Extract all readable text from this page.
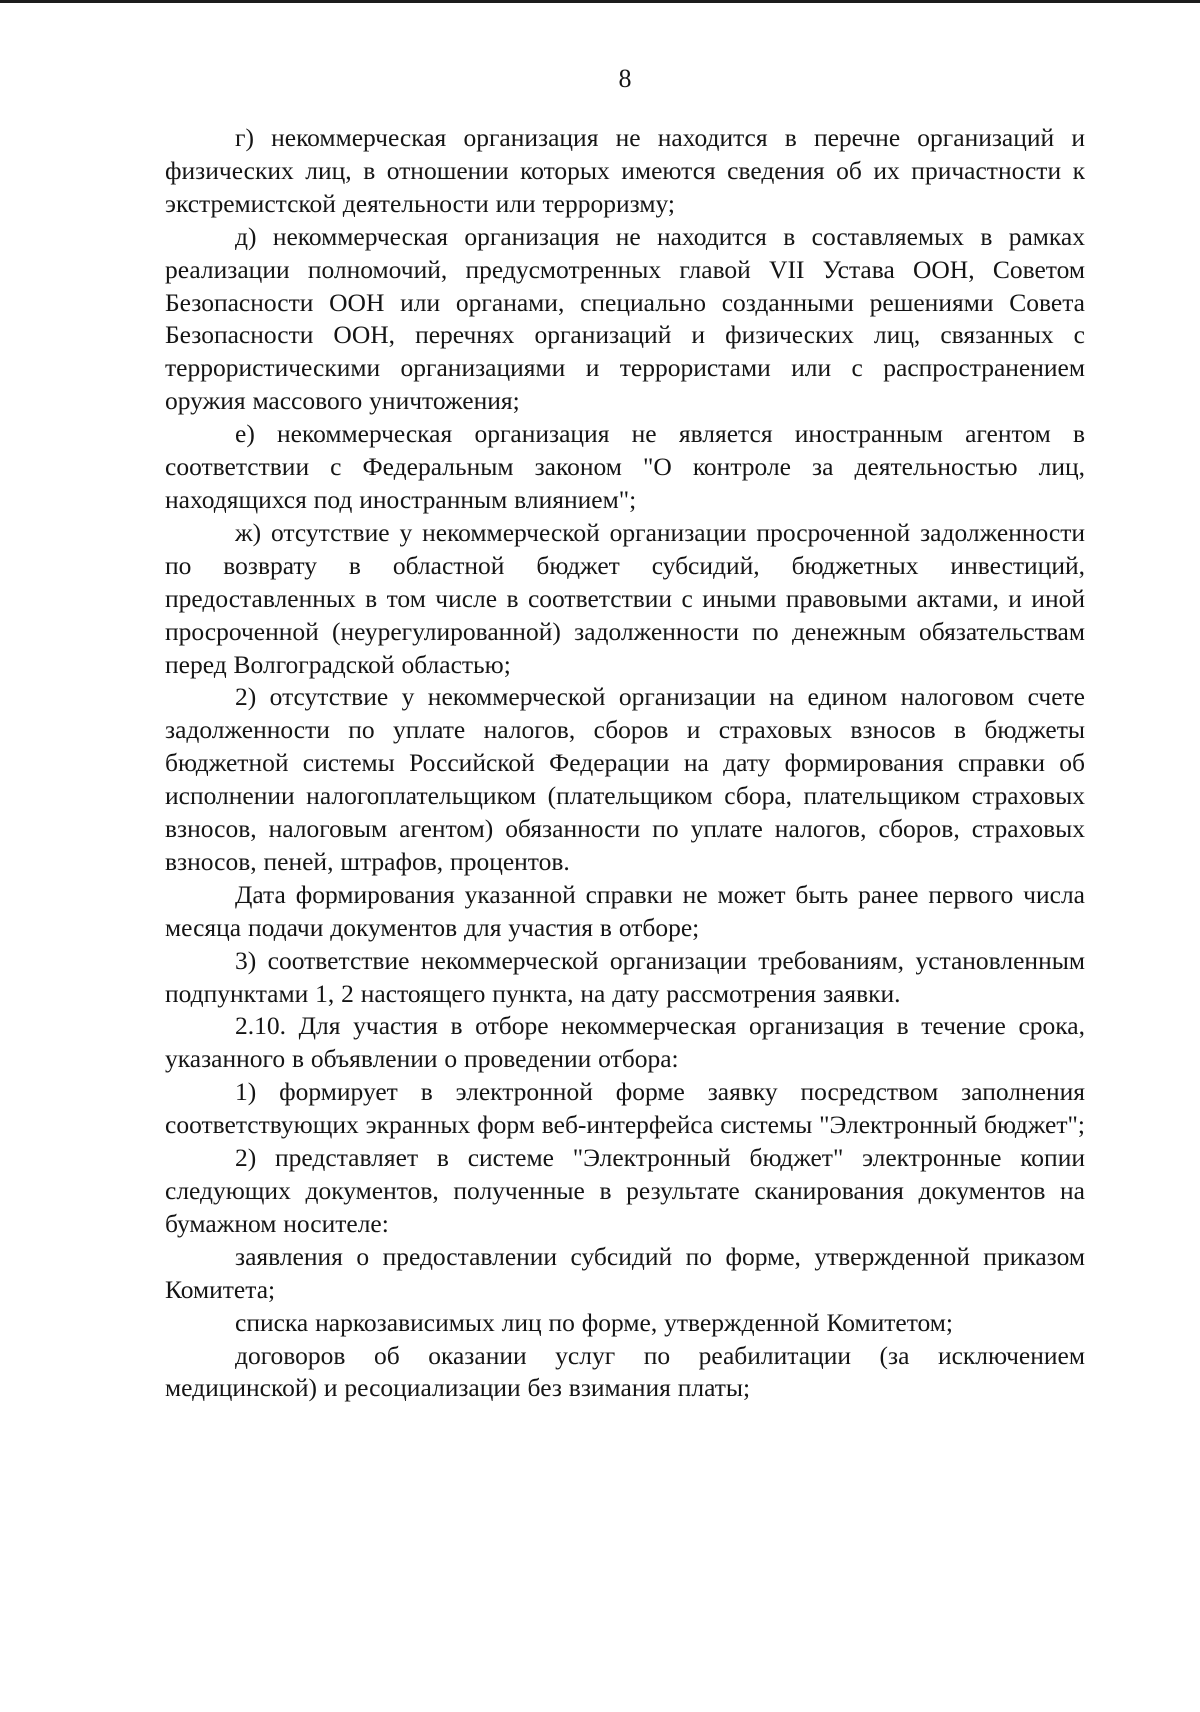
8

г) некоммерческая организация не находится в перечне организаций и физических лиц, в отношении которых имеются сведения об их причастности к экстремистской деятельности или терроризму;

д) некоммерческая организация не находится в составляемых в рамках реализации полномочий, предусмотренных главой VII Устава ООН, Советом Безопасности ООН или органами, специально созданными решениями Совета Безопасности ООН, перечнях организаций и физических лиц, связанных с террористическими организациями и террористами или с распространением оружия массового уничтожения;

е) некоммерческая организация не является иностранным агентом в соответствии с Федеральным законом "О контроле за деятельностью лиц, находящихся под иностранным влиянием";

ж) отсутствие у некоммерческой организации просроченной задолженности по возврату в областной бюджет субсидий, бюджетных инвестиций, предоставленных в том числе в соответствии с иными правовыми актами, и иной просроченной (неурегулированной) задолженности по денежным обязательствам перед Волгоградской областью;

2) отсутствие у некоммерческой организации на едином налоговом счете задолженности по уплате налогов, сборов и страховых взносов в бюджеты бюджетной системы Российской Федерации на дату формирования справки об исполнении налогоплательщиком (плательщиком сбора, плательщиком страховых взносов, налоговым агентом) обязанности по уплате налогов, сборов, страховых взносов, пеней, штрафов, процентов.

Дата формирования указанной справки не может быть ранее первого числа месяца подачи документов для участия в отборе;

3) соответствие некоммерческой организации требованиям, установленным подпунктами 1, 2 настоящего пункта, на дату рассмотрения заявки.

2.10. Для участия в отборе некоммерческая организация в течение срока, указанного в объявлении о проведении отбора:

1) формирует в электронной форме заявку посредством заполнения соответствующих экранных форм веб-интерфейса системы "Электронный бюджет";

2) представляет в системе "Электронный бюджет" электронные копии следующих документов, полученные в результате сканирования документов на бумажном носителе:

заявления о предоставлении субсидий по форме, утвержденной приказом Комитета;

списка наркозависимых лиц по форме, утвержденной Комитетом;

договоров об оказании услуг по реабилитации (за исключением медицинской) и ресоциализации без взимания платы;
